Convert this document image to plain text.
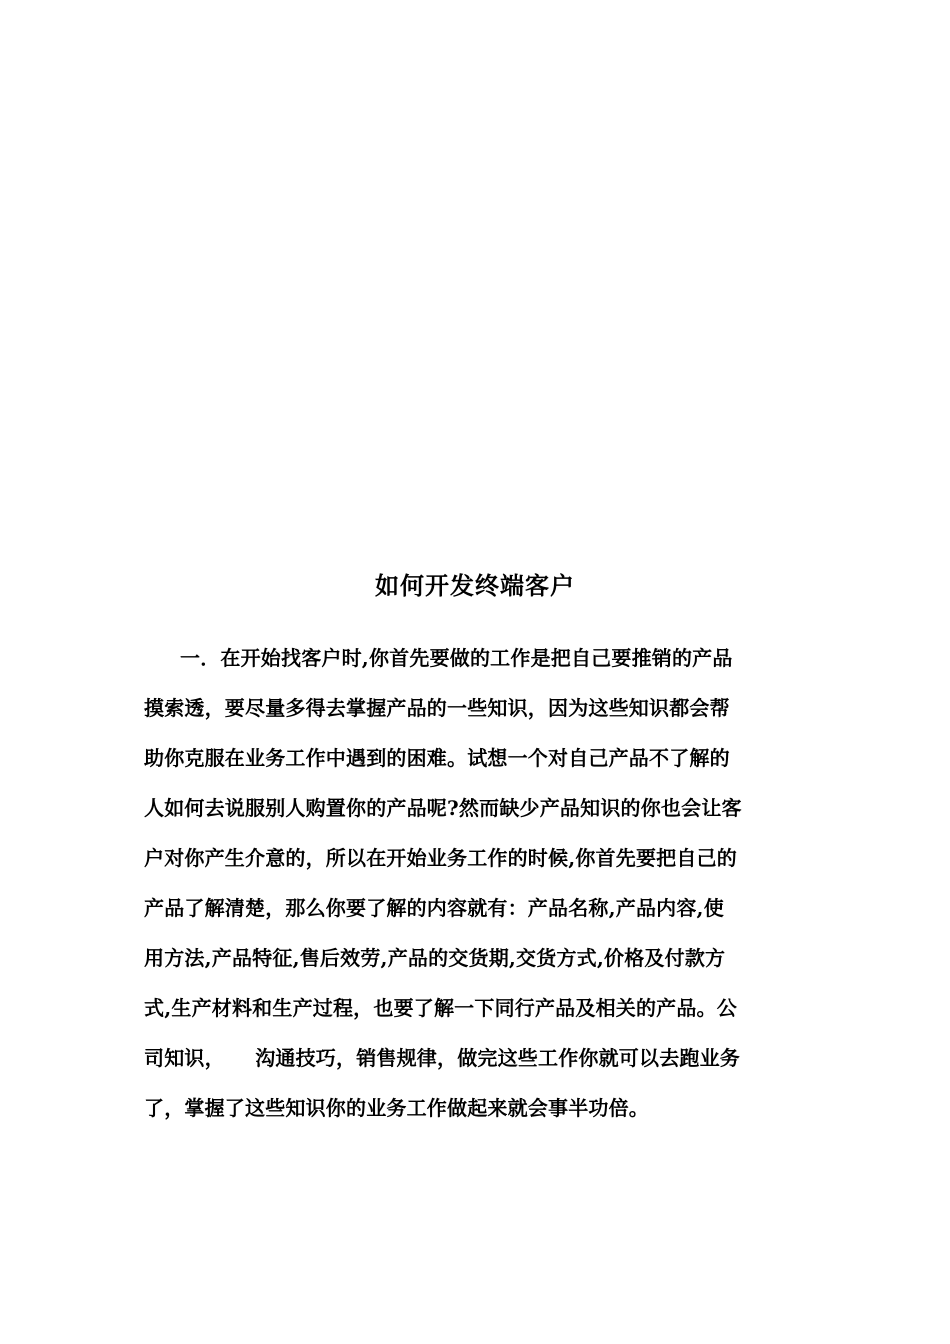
如何开发终端客户
一．在开始找客户时,你首先要做的工作是把自己要推销的产品
摸索透，要尽量多得去掌握产品的一些知识，因为这些知识都会帮
助你克服在业务工作中遇到的困难。试想一个对自己产品不了解的
人如何去说服别人购置你的产品呢?然而缺少产品知识的你也会让客
户对你产生介意的，所以在开始业务工作的时候,你首先要把自己的
产品了解清楚，那么你要了解的内容就有：产品名称,产品内容,使
用方法,产品特征,售后效劳,产品的交货期,交货方式,价格及付款方
式,生产材料和生产过程，也要了解一下同行产品及相关的产品。公
司知识，　　沟通技巧，销售规律，做完这些工作你就可以去跑业务
了，掌握了这些知识你的业务工作做起来就会事半功倍。
